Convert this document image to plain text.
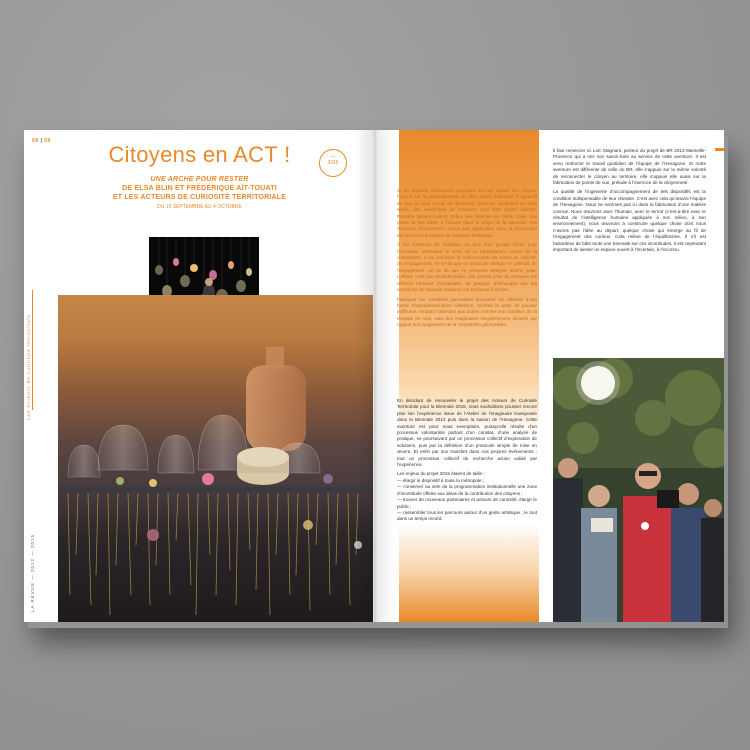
58 | 59
Citoyens en ACT !	—
2015
UNE ARCHE POUR RESTER
DE ELSA BLIN ET FRÉDÉRIQUE AÏT-TOUATI
ET LES ACTEURS DE CURIOSITÉ TERRITORIALE
DU 15 SEPTEMBRE AU 4 OCTOBRE
Les Acteurs de curiosité territoriale
LA REVUE — 2012 — 2015

Si les activités d’éducation populaire ont mis depuis leur origine, l’accent sur le développement du libre arbitre individuel, il apparaît de plus en plus crucial de réinventer, dans les conditions du XXIe siècle, des savoir-faire de l’exercice d’un libre arbitre collectif. Pierrette Sicarre-Ledroit, Grâce aux théories de Joëlle Zask, des pistes et des idées à l’œuvre dans le projet de la Biennale Arts Sciences, Rencontres-i trouve son application dans la proposition des parcours d’Acteurs de Curiosité Territoriale.

À soi comment les individus, au sein d’un groupe formé pour l’occasion, retrouvent le sens de la participation, même de la contribution, à soi comment ils redécouvrent les vertus du collectif, de l’engagement, en se dit que ce protocole atteigne le collectif, de l’engagement, en se dit que ce protocole atteigne touche juste. L’affaire n’est pas révolutionnaire, elle permet juste de retrouver les réflexes humains d’hospitalité, de partage, d’échanges que les conditions de l’humain moderne ont tendance à broder.

Fabriquer les conditions permettant d’acquérir les réflexes d’une forme d’autodétermination collective, rendant le prise de pouvoir inefficace, rendant l’attention aux autres comme une condition de la réussite de tous, voici des imaginaires singulièrement décalés par rapport aux imaginaires de la compétition généralisée.

En décidant de renouveler le projet des Acteurs de Curiosité Territoriale pour la Biennale 2015, nous souhaitions pousser encore plus loin l’expérience issue de l’Atelier de l’imaginaire transposée dans la Biennale 2013 puis dans la saison de l’Hexagone. Cette aventure est pour nous exemplaire, puisqu’elle résulte d’un processus volontariste partant d’un constat, d’une analyse de pratique, se poursuivant par un processus collectif d’exploration de solutions, puis par la définition d’un protocole simple de mise en œuvre. Et enfin par son transfert dans nos propres événements : tout un processus collectif de recherche action validé par l’expérience.

Les enjeux du projet 2015 étaient de taille :

— élargir le dispositif à toute la métropole ;

— conserver au sein de la programmation institutionnelle une zone d’incertitude offerte aux aléas de la contribution des citoyens ;

— trouver de nouveaux partenaires et acteurs de curiosité, élargir le public ;

— rassembler tous les parcours autour d’un geste artistique ; le tout dans un temps record.

Il faut remercier ici Loïc Magnant, porteur du projet de BR 2013 Marseille-Provence qui a mis son savoir-faire au service de cette aventure. Il est venu renforcer le travail quotidien de l’équipe de l’Hexagone. Si notre aventure est différente de celle du BR, elle s’appuie sur la même volonté de reconnecter le citoyen au territoire, elle s’appuie elle aussi sur la fabrication de points de vue, prélude à l’exercice de la citoyenneté.

La qualité de l’ingénierie d’accompagnement de tels dispositifs est la condition indispensable de leur réussite. C’est avec cela qu’œuvre l’équipe de l’Hexagone. Nous ne sommes pas ici dans la fabrication d’une matière connue. Nous œuvrons avec l’humain, avec le terroir (c’est-à-dire avec le résultat de l’intelligence humaine appliquée à son milieu, à son environnement), nous œuvrons à construire quelque chose dont nous n’avons pas l’idée au départ, quelque chose qui émerge au fil de l’engagement des curieux. Cela relève de l’équilibrisme. Il s’il est hasardeux de bâtir toute une biennale sur ces incertitudes, il est cependant important de laisser un espace ouvert à l’incertain, à l’inconnu.
